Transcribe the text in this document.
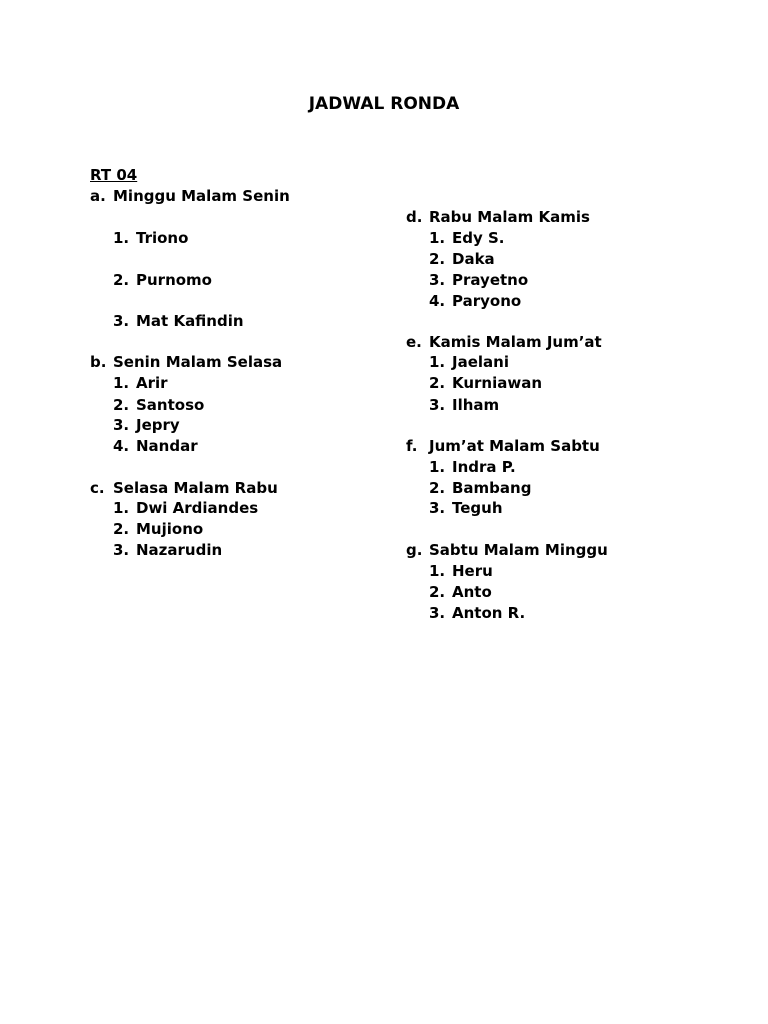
JADWAL RONDA
RT 04
a. Minggu Malam Senin
1. Triono
2. Purnomo
3. Mat Kafindin
b. Senin Malam Selasa
1. Arir
2. Santoso
3. Jepry
4. Nandar
c. Selasa Malam Rabu
1. Dwi Ardiandes
2. Mujiono
3. Nazarudin
d. Rabu Malam Kamis
1. Edy S.
2. Daka
3. Prayetno
4. Paryono
e. Kamis Malam Jum’at
1. Jaelani
2. Kurniawan
3. Ilham
f. Jum’at Malam Sabtu
1. Indra P.
2. Bambang
3. Teguh
g. Sabtu Malam Minggu
1. Heru
2. Anto
3. Anton R.
